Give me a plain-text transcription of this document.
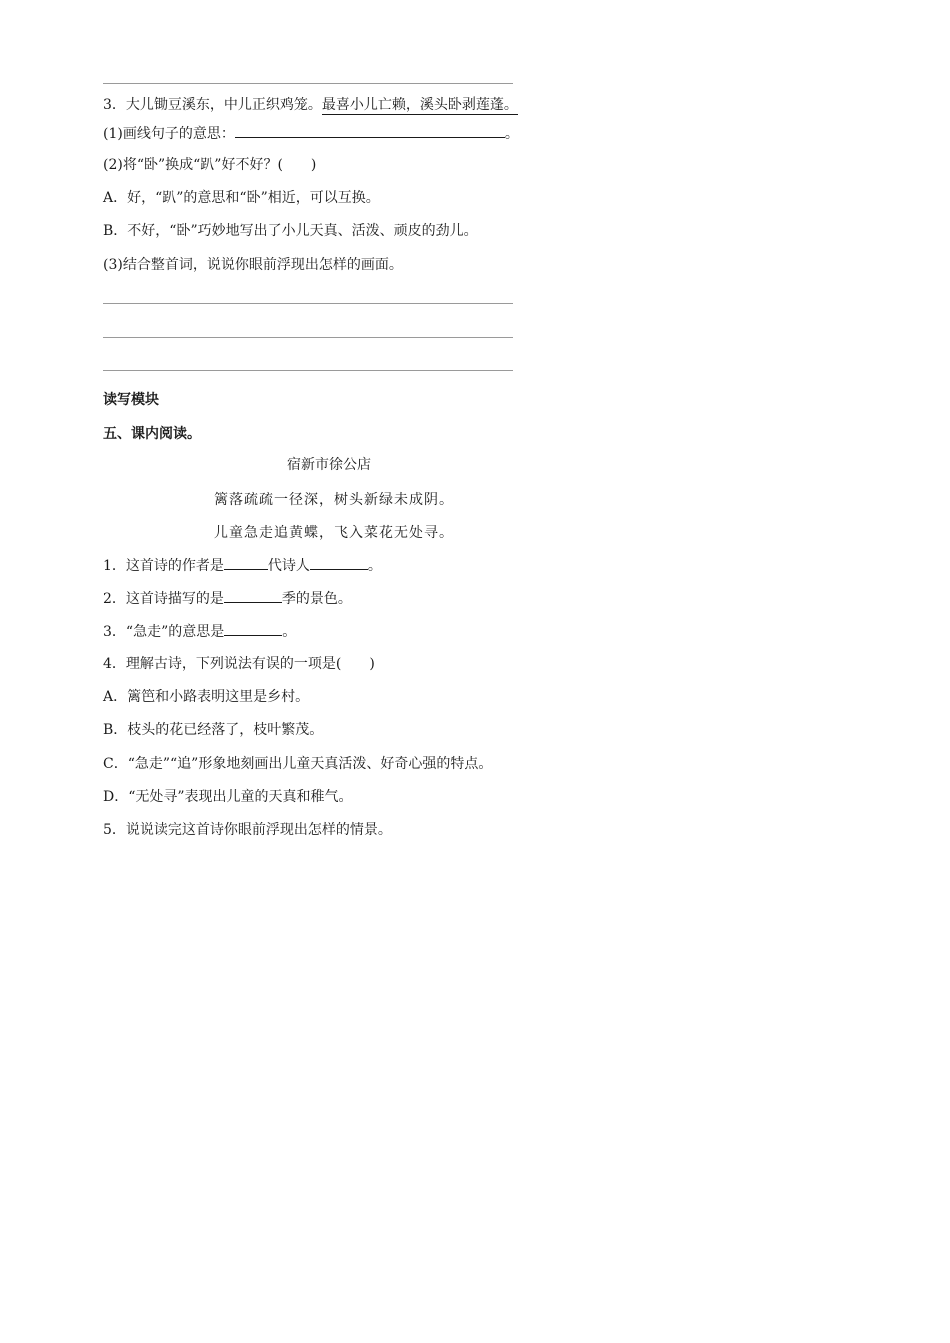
3．大儿锄豆溪东，中儿正织鸡笼。最喜小儿亡赖，溪头卧剥莲蓬。
(1)画线句子的意思：	。
(2)将“卧”换成“趴”好不好？(　　)
A．好，“趴”的意思和“卧”相近，可以互换。
B．不好，“卧”巧妙地写出了小儿天真、活泼、顽皮的劲儿。
(3)结合整首词，说说你眼前浮现出怎样的画面。
读写模块
五、课内阅读。
宿新市徐公店
篱落疏疏一径深，树头新绿未成阴。
儿童急走追黄蝶，飞入菜花无处寻。
1．这首诗的作者是	代诗人	。
2．这首诗描写的是	季的景色。
3．“急走”的意思是	。
4．理解古诗，下列说法有误的一项是(　　)
A．篱笆和小路表明这里是乡村。
B．枝头的花已经落了，枝叶繁茂。
C．“急走”“追”形象地刻画出儿童天真活泼、好奇心强的特点。
D．“无处寻”表现出儿童的天真和稚气。
5．说说读完这首诗你眼前浮现出怎样的情景。
